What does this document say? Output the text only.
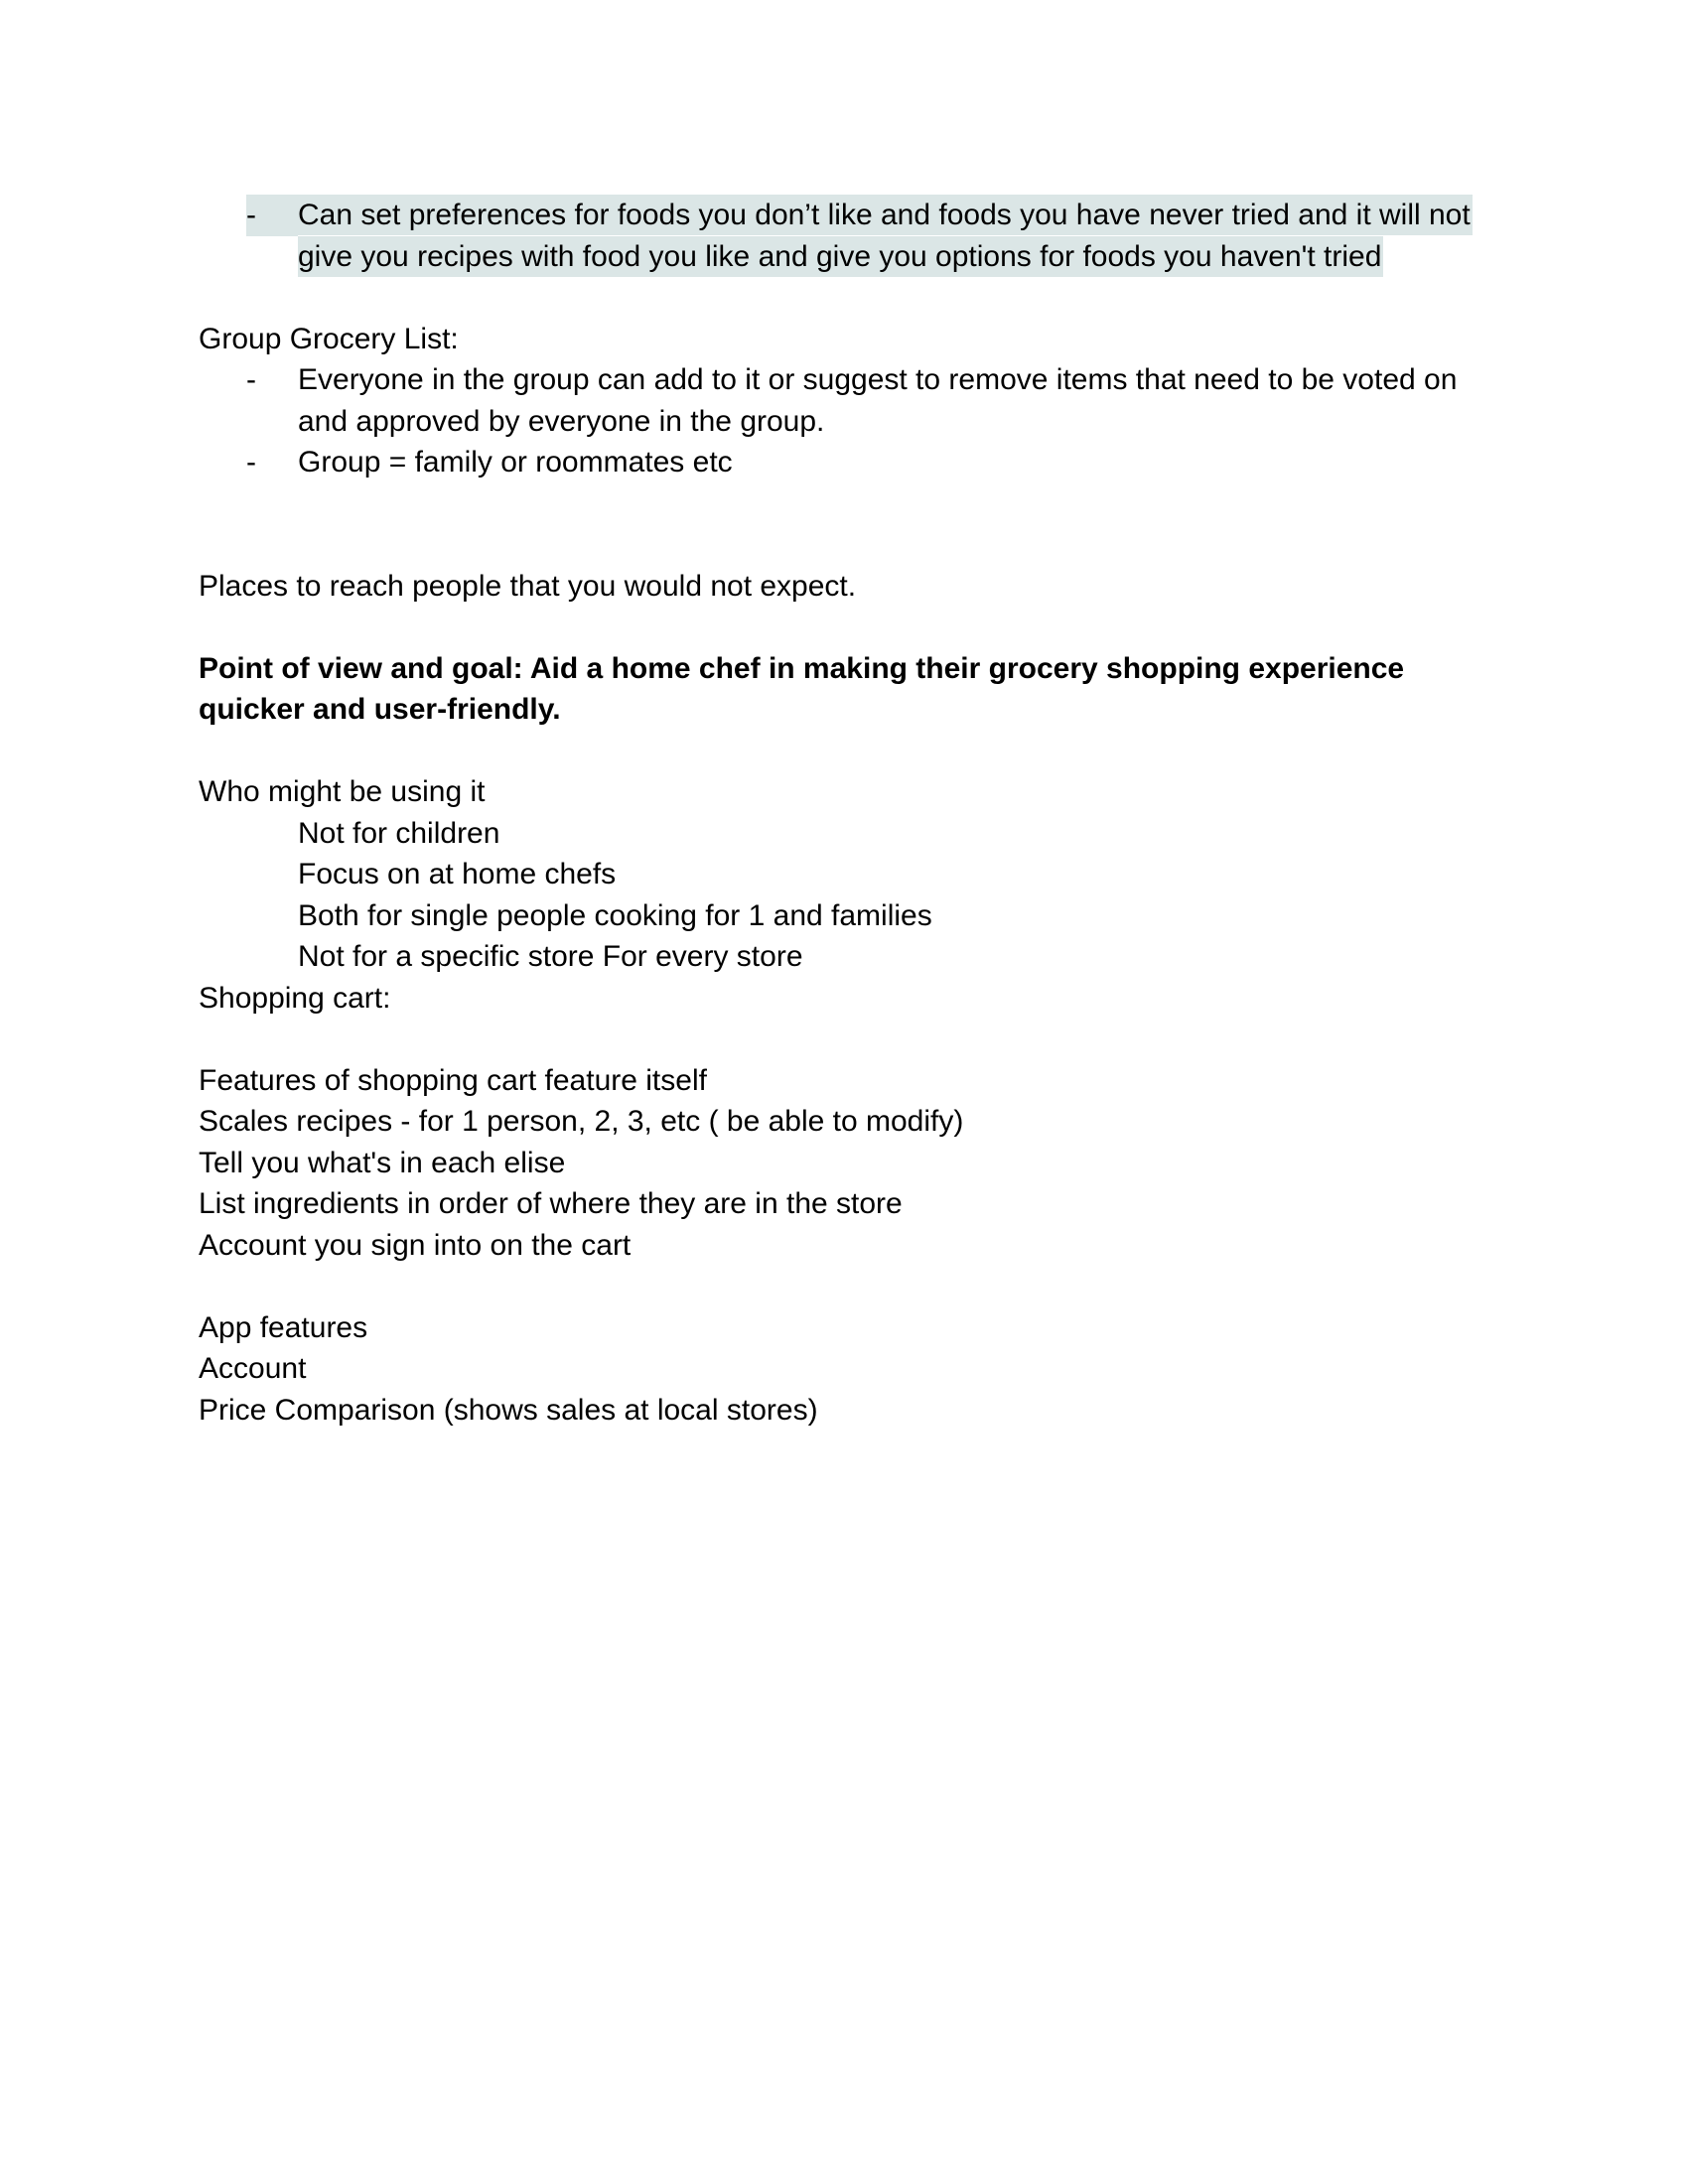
- Can set preferences for foods you don’t like and foods you have never tried and it will not give you recipes with food you like and give you options for foods you haven't tried
Group Grocery List:
- Everyone in the group can add to it or suggest to remove items that need to be voted on and approved by everyone in the group.
- Group = family or roommates etc
Places to reach people that you would not expect.
Point of view and goal: Aid a home chef in making their grocery shopping experience quicker and user-friendly.
Who might be using it
Not for children
Focus on at home chefs
Both for single people cooking for 1 and families
Not for a specific store For every store
Shopping cart:
Features of shopping cart feature itself
Scales recipes - for 1 person, 2, 3, etc ( be able to modify)
Tell you what's in each elise
List ingredients in order of where they are in the store
Account you sign into on the cart
App features
Account
Price Comparison (shows sales at local stores)
